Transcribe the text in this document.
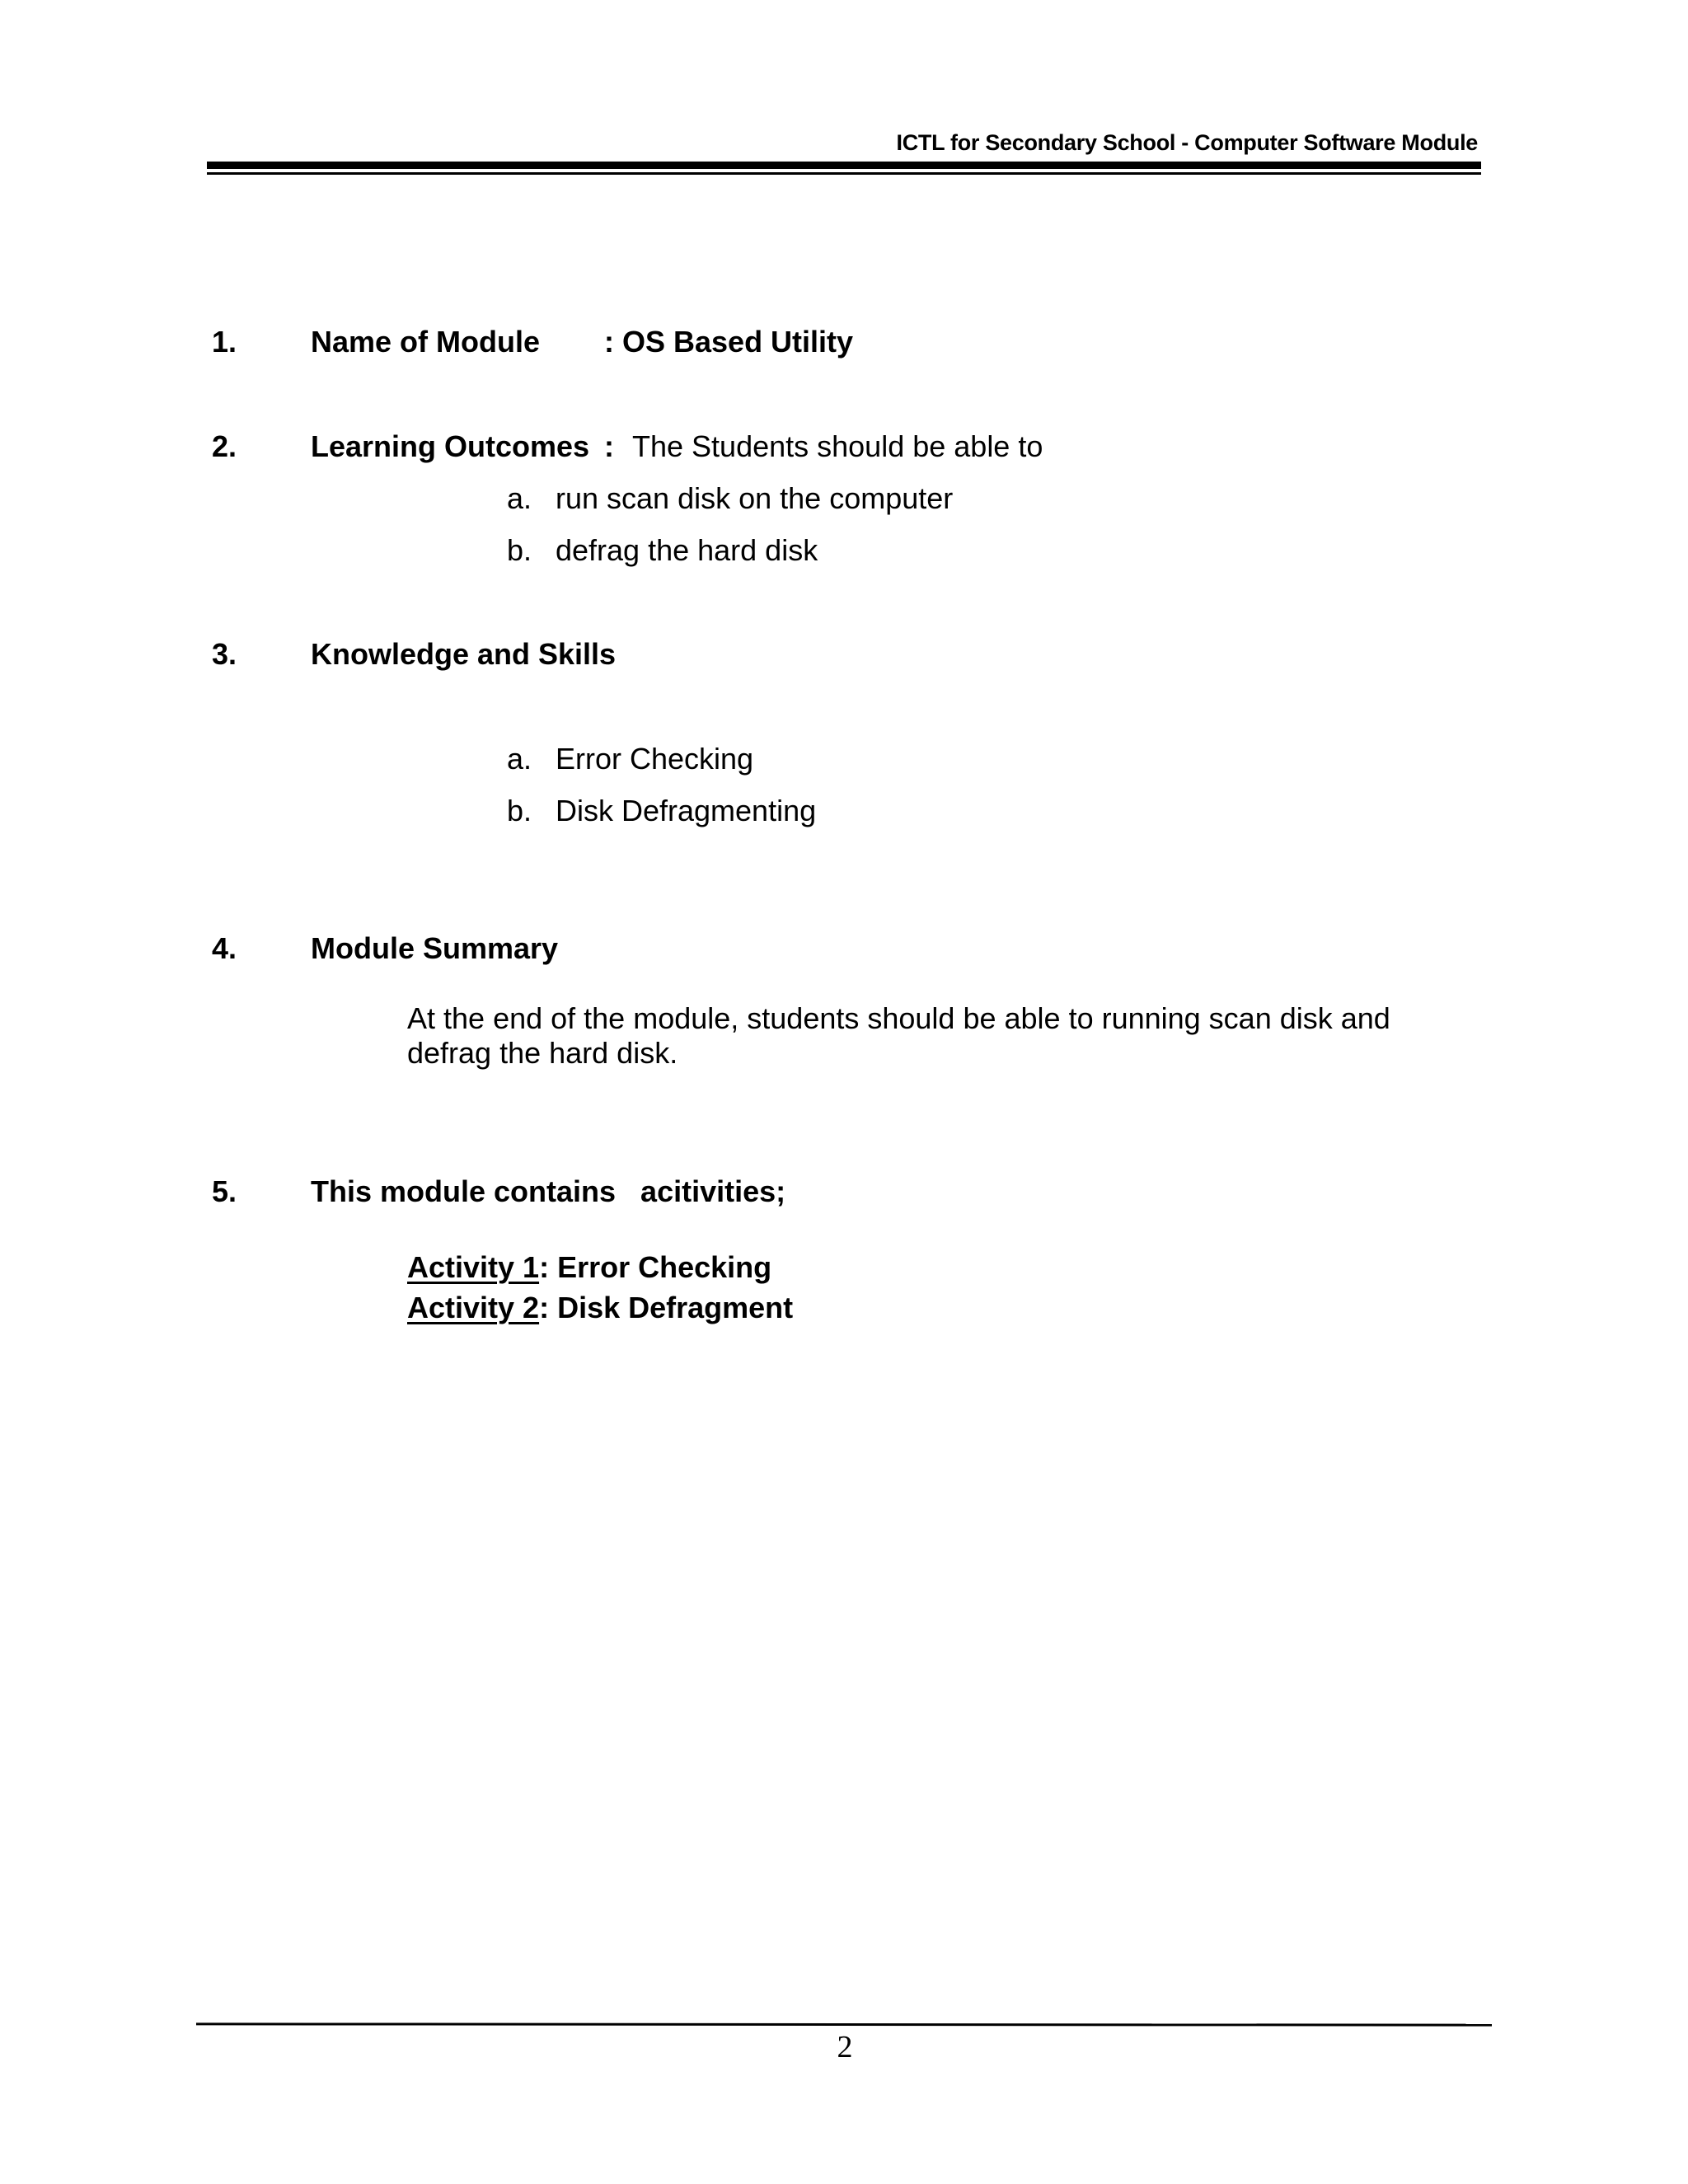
ICTL for Secondary School - Computer Software Module
1. Name of Module : OS Based Utility
2. Learning Outcomes : The Students should be able to
a. run scan disk on the computer
b. defrag the hard disk
3. Knowledge and Skills
a. Error Checking
b. Disk Defragmenting
4. Module Summary
At the end of the module, students should be able to running scan disk and
defrag the hard disk.
5. This module contains   acitivities;
Activity 1: Error Checking
Activity 2: Disk Defragment
2
